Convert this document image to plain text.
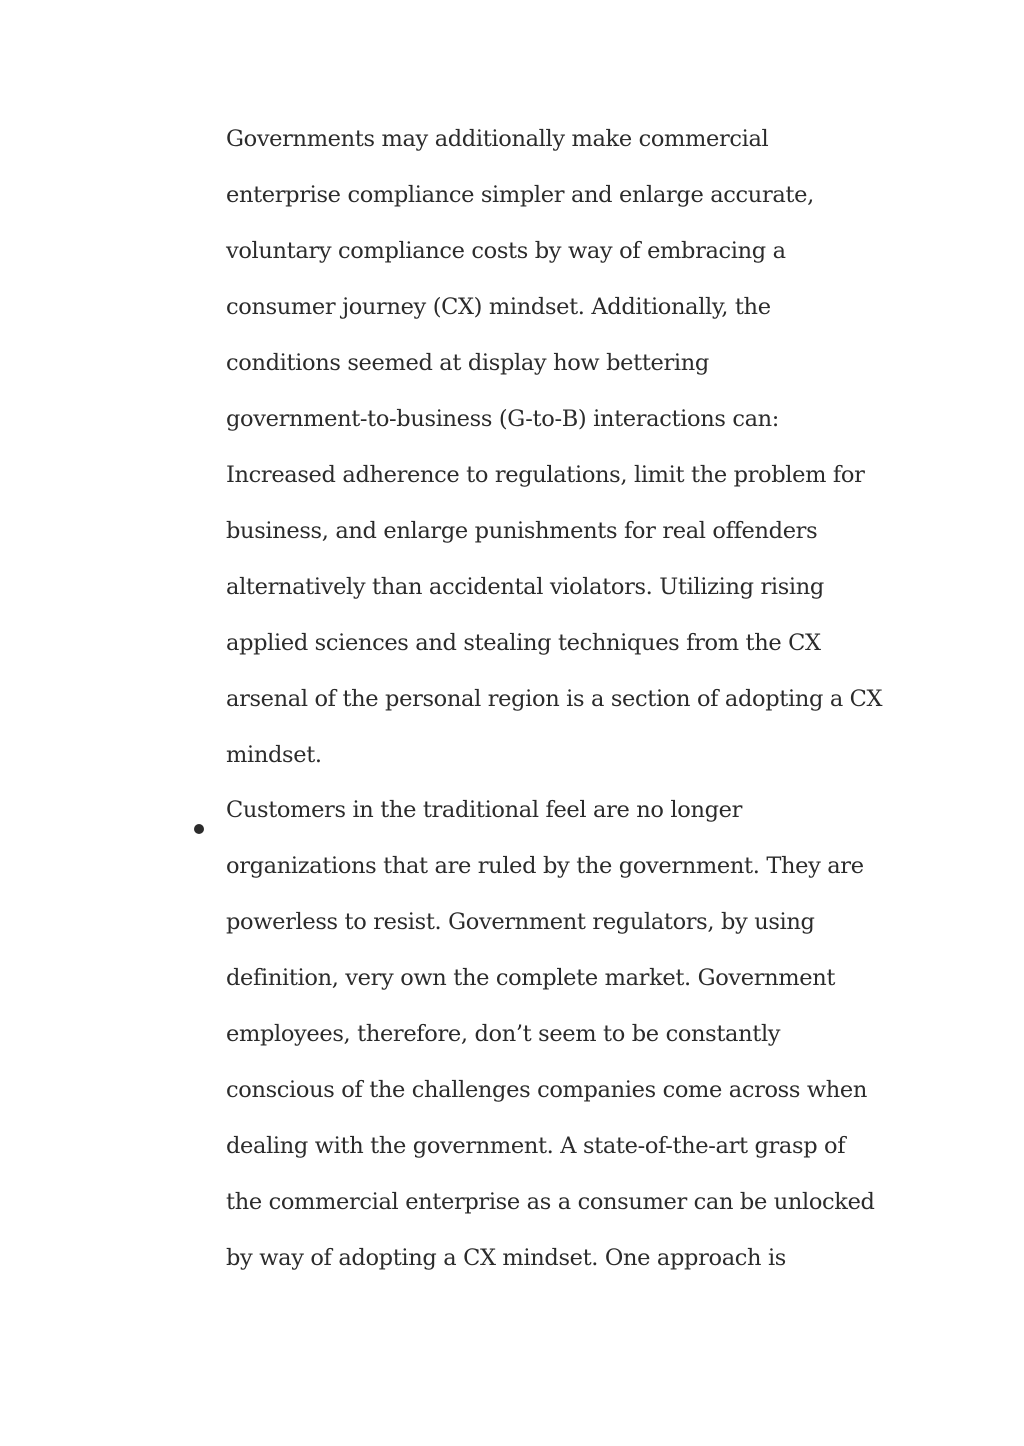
Governments may additionally make commercial
enterprise compliance simpler and enlarge accurate,
voluntary compliance costs by way of embracing a
consumer journey (CX) mindset. Additionally, the
conditions seemed at display how bettering
government-to-business (G-to-B) interactions can:
Increased adherence to regulations, limit the problem for
business, and enlarge punishments for real offenders
alternatively than accidental violators. Utilizing rising
applied sciences and stealing techniques from the CX
arsenal of the personal region is a section of adopting a CX
mindset.
Customers in the traditional feel are no longer
organizations that are ruled by the government. They are
powerless to resist. Government regulators, by using
definition, very own the complete market. Government
employees, therefore, don’t seem to be constantly
conscious of the challenges companies come across when
dealing with the government. A state-of-the-art grasp of
the commercial enterprise as a consumer can be unlocked
by way of adopting a CX mindset. One approach is
